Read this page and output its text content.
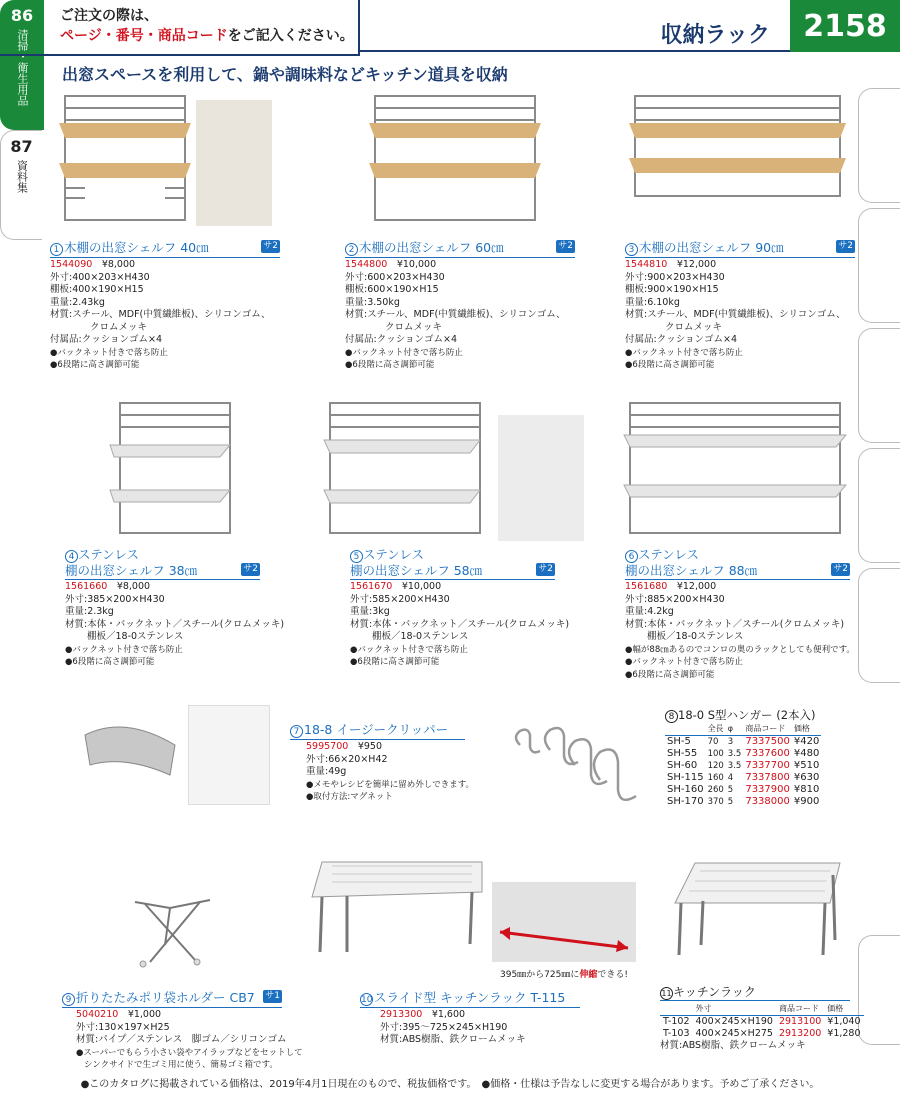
ご注文の際は、
ページ・番号・商品コードをご記入ください。	収納ラック	2158
出窓スペースを利用して、鍋や調味料などキッチン道具を収納
86
清掃・衛生用品
87
資料集
1 木棚の出窓シェルフ 40㎝	サ2
1544090　 ¥8,000
外寸:400×203×H430
棚板:400×190×H15
重量:2.43kg
材質:スチール、MDF(中質繊維板)、シリコンゴム、
クロムメッキ
付属品:クッションゴム×4
●バックネット付きで落ち防止
●6段階に高さ調節可能
2 木棚の出窓シェルフ 60㎝	サ2
1544800　 ¥10,000
外寸:600×203×H430
棚板:600×190×H15
重量:3.50kg
材質:スチール、MDF(中質繊維板)、シリコンゴム、
クロムメッキ
付属品:クッションゴム×4
●バックネット付きで落ち防止
●6段階に高さ調節可能
3 木棚の出窓シェルフ 90㎝	サ2
1544810　 ¥12,000
外寸:900×203×H430
棚板:900×190×H15
重量:6.10kg
材質:スチール、MDF(中質繊維板)、シリコンゴム、
クロムメッキ
付属品:クッションゴム×4
●バックネット付きで落ち防止
●6段階に高さ調節可能
4 ステンレス
棚の出窓シェルフ 38㎝	サ2
1561660　 ¥8,000
外寸:385×200×H430
重量:2.3kg
材質:本体・バックネット／スチール(クロムメッキ)
棚板／18-0ステンレス
●バックネット付きで落ち防止
●6段階に高さ調節可能
5 ステンレス
棚の出窓シェルフ 58㎝	サ2
1561670　 ¥10,000
外寸:585×200×H430
重量:3kg
材質:本体・バックネット／スチール(クロムメッキ)
棚板／18-0ステンレス
●バックネット付きで落ち防止
●6段階に高さ調節可能
6 ステンレス
棚の出窓シェルフ 88㎝	サ2
1561680　 ¥12,000
外寸:885×200×H430
重量:4.2kg
材質:本体・バックネット／スチール(クロムメッキ)
棚板／18-0ステンレス
●幅が88㎝あるのでコンロの奥のラックとしても便利です。
●バックネット付きで落ち防止
●6段階に高さ調節可能
7 18-8 イージークリッパー
5995700　 ¥950
外寸:66×20×H42
重量:49g
●メモやレシピを簡単に留め外しできます。
●取付方法:マグネット
8 18-0 S型ハンガー (2本入)
	全長	φ	商品コード	価格
SH-5	70	3	7337500	¥420
SH-55	100	3.5	7337600	¥480
SH-60	120	3.5	7337700	¥510
SH-115	160	4	7337800	¥630
SH-160	260	5	7337900	¥810
SH-170	370	5	7338000	¥900
9 折りたたみポリ袋ホルダー CB7 サ1
5040210　 ¥1,000
外寸:130×197×H25
材質:パイプ／ステンレス　脚ゴム／シリコンゴム
●スーパーでもらう小さい袋やアイラップなどをセットして
シンクサイドで生ゴミ用に使う、簡易ゴミ箱です。
395㎜から725㎜に伸縮できる!
10 スライド型 キッチンラック T-115
2913300　 ¥1,600
外寸:395～725×245×H190
材質:ABS樹脂、鉄クロームメッキ
11キッチンラック
	外寸	商品コード	価格
T-102	400×245×H190	2913100	¥1,040
T-103	400×245×H275	2913200	¥1,280
材質:ABS樹脂、鉄クロームメッキ
●このカタログに掲載されている価格は、2019年4月1日現在のもので、税抜価格です。　●価格・仕様は予告なしに変更する場合があります。予めご了承ください。
